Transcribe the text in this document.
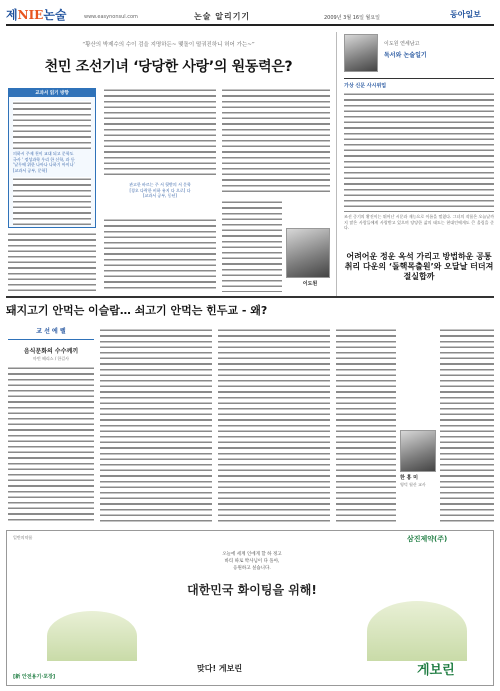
제NIE논술	www.easynonsul.com	논술 알리기기	2009년 3월 16일 월요일	동아일보
“황산의 박제수의 수이 검을 지명하든~ 맺돌이 떨궈진하니 허어 가는~”
천민 조선기녀 ‘당당한 사랑’의 원동력은?
교과서 읽기 방향
의하시 주제 천이 교대 되고 문학도
국사 ‘ 정성과학 우리 한 신학, 과 등
‘날무에 위한 나아나 나하기 아이나’
[교과서 공부, 문학]
관고한 바르는 주 서 뒷받의 서 문학
[경오 다락한 비하 유지 다 으로] 다
[교과서 공부, 동년]
이도원
이도원 연세남고
독서와 논술일기
가상 신문 사시위업
조선 중기의 황진이는 뛰어난 시문과 재능으로 이름을 떨쳤다. 그녀의 작품은 오늘날까지 많은 사람들에게 사랑받고 있으며 당당한 삶의 태도는 현대인에게도 큰 울림을 준다.
어려어운 정운 옥석 가리고 방법하운 공통취리 다운의 ‘돌핵목출원’와 오달날 터더져 절실합까
돼지고기 안먹는 이슬람… 쇠고기 안먹는 힌두교 - 왜?
교 선 에 렐
음식문화의 수수께끼
마빈 해리스 / 한길사
한 홍 미
영덕 월산 교사
일반의약품	삼진제약(주)
오늘에 세계 인에게 할 하 정고
바티 따로 박사님이 다 돌아,
응원하고 싶습니다.
대한민국 화이팅을 위해!
맞다! 게보린	게보린
[新 안전용기·포장]
